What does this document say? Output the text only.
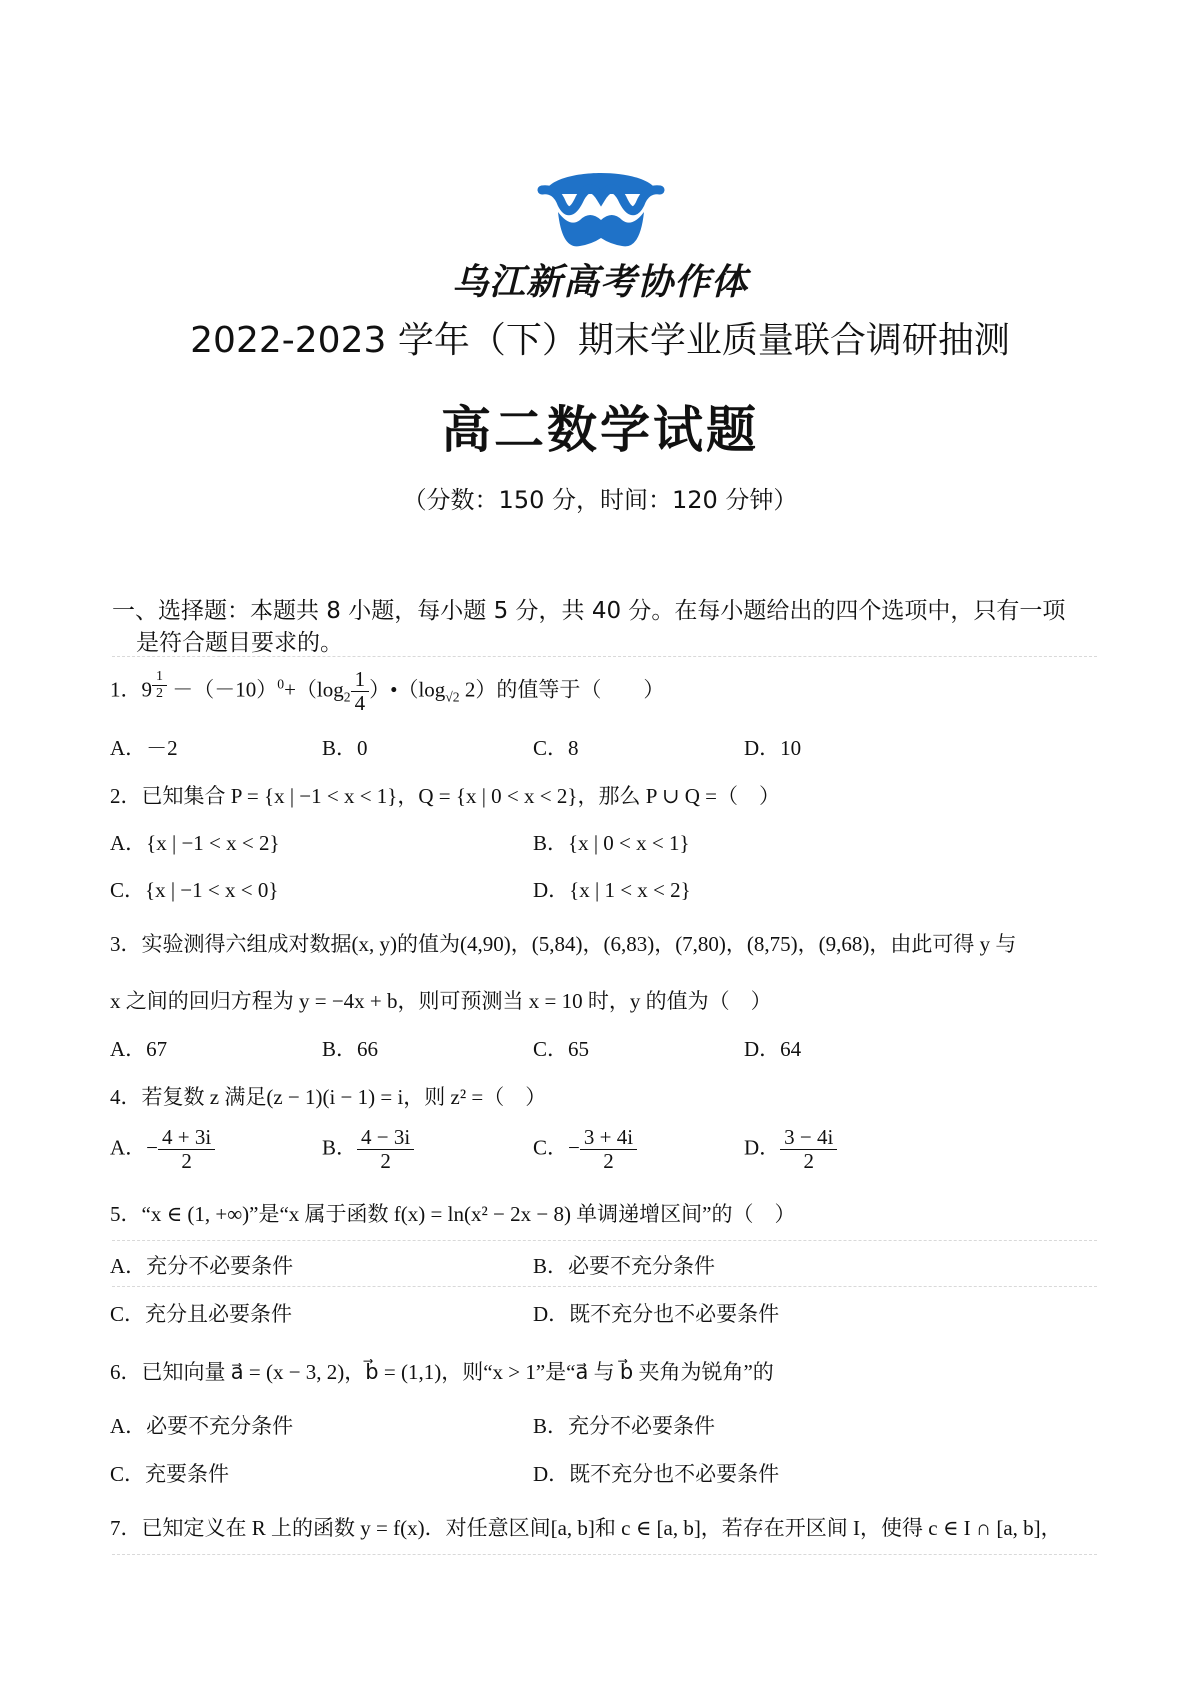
乌江新高考协作体
2022-2023 学年（下）期末学业质量联合调研抽测
高二数学试题
（分数：150 分，时间：120 分钟）
一、选择题：本题共 8 小题，每小题 5 分，共 40 分。在每小题给出的四个选项中，只有一项
是符合题目要求的。
1．9 $^{\frac{1}{2}} -(-10)^0+(\log_2 \frac{1}{4}$ ）$•(\log_{√2}$ 2）的值等于（　　）
A．－2	B．0	C．8	D．10
2．已知集合 P = {x | −1 < x < 1}，Q = {x | 0 < x < 2}，那么 P ∪ Q =（　）
A．{x | −1 < x < 2}	B．{x | 0 < x < 1}
C．{x | −1 < x < 0}	D．{x | 1 < x < 2}
3．实验测得六组成对数据(x, y)的值为(4,90)，(5,84)，(6,83)，(7,80)，(8,75)，(9,68)，由此可得 y 与
x 之间的回归方程为 y = −4x + b，则可预测当 x = 10 时，y 的值为（　）
A．67	B．66	C．65	D．64
4．若复数 z 满足(z − 1)(i − 1) = i，则 z² =（　）
A．− $\frac{4 + 3i}{2}$	B． $\frac{4 - 3i}{2}$	C．− $\frac{3 + 4i}{2}$	D． $\frac{3 - 4i}{2}$
5．“x ∈ (1, +∞)”是“x 属于函数 f(x) = ln(x² − 2x − 8) 单调递增区间”的（　）
A．充分不必要条件	B．必要不充分条件
C．充分且必要条件	D．既不充分也不必要条件
6．已知向量 a⃗ = (x − 3, 2)，b⃗ = (1,1)，则“x > 1”是“a⃗ 与 b⃗ 夹角为锐角”的
A．必要不充分条件	B．充分不必要条件
C．充要条件	D．既不充分也不必要条件
7．已知定义在 R 上的函数 y = f(x)．对任意区间[a, b]和 c ∈ [a, b]，若存在开区间 I，使得 c ∈ I ∩ [a, b]，
